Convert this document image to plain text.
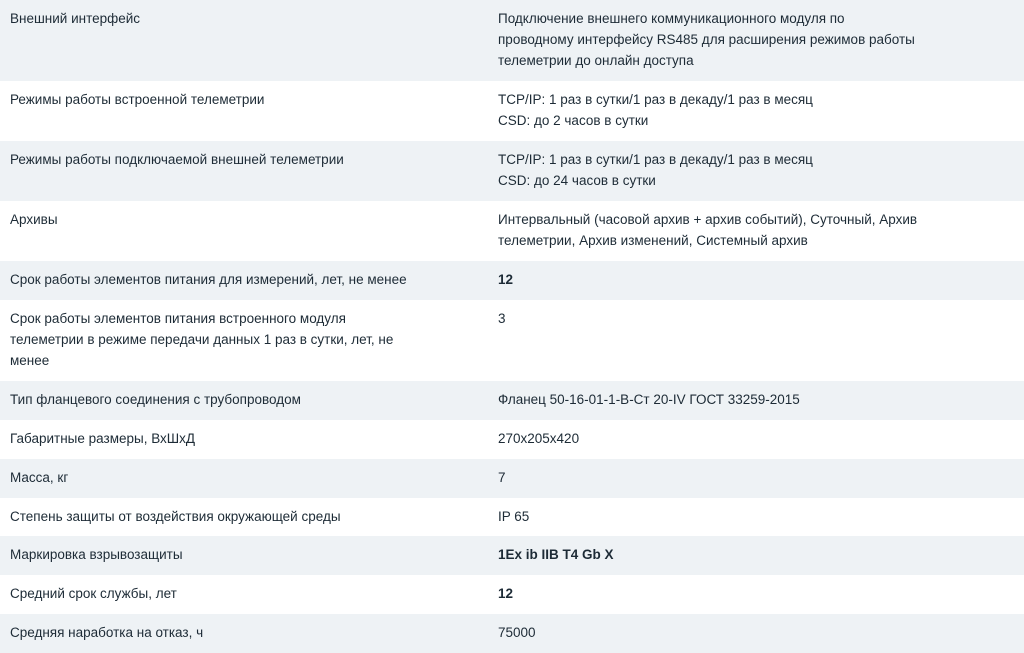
Внешний интерфейс	Подключение внешнего коммуникационного модуля по
проводному интерфейсу RS485 для расширения режимов работы
телеметрии до онлайн доступа

Режимы работы встроенной телеметрии	TCP/IP: 1 раз в сутки/1 раз в декаду/1 раз в месяц
CSD: до 2 часов в сутки

Режимы работы подключаемой внешней телеметрии	TCP/IP: 1 раз в сутки/1 раз в декаду/1 раз в месяц
CSD: до 24 часов в сутки

Архивы	Интервальный (часовой архив + архив событий), Суточный, Архив
телеметрии, Архив изменений, Системный архив

Срок работы элементов питания для измерений, лет, не менее	12

Срок работы элементов питания встроенного модуля
телеметрии в режиме передачи данных 1 раз в сутки, лет, не
менее	3

Тип фланцевого соединения с трубопроводом	Фланец 50-16-01-1-В-Ст 20-IV ГОСТ 33259-2015

Габаритные размеры, ВхШхД	270х205х420

Масса, кг	7

Степень защиты от воздействия окружающей среды	IP 65

Маркировка взрывозащиты	1Ex ib IIB T4 Gb X

Средний срок службы, лет	12

Средняя наработка на отказ, ч	75000
